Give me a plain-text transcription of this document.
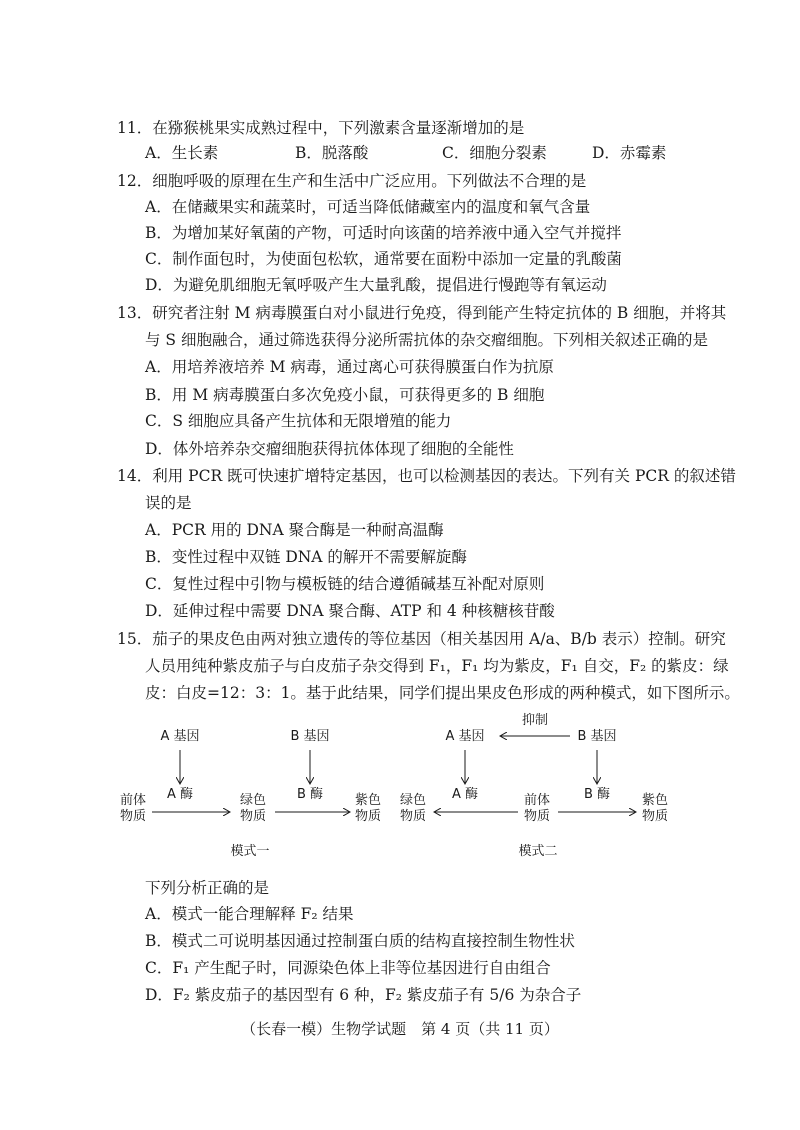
11．在猕猴桃果实成熟过程中，下列激素含量逐渐增加的是
A．生长素	B．脱落酸	C．细胞分裂素	D．赤霉素
12．细胞呼吸的原理在生产和生活中广泛应用。下列做法不合理的是
A．在储藏果实和蔬菜时，可适当降低储藏室内的温度和氧气含量
B．为增加某好氧菌的产物，可适时向该菌的培养液中通入空气并搅拌
C．制作面包时，为使面包松软，通常要在面粉中添加一定量的乳酸菌
D．为避免肌细胞无氧呼吸产生大量乳酸，提倡进行慢跑等有氧运动
13．研究者注射 M 病毒膜蛋白对小鼠进行免疫，得到能产生特定抗体的 B 细胞，并将其
与 S 细胞融合，通过筛选获得分泌所需抗体的杂交瘤细胞。下列相关叙述正确的是
A．用培养液培养 M 病毒，通过离心可获得膜蛋白作为抗原
B．用 M 病毒膜蛋白多次免疫小鼠，可获得更多的 B 细胞
C．S 细胞应具备产生抗体和无限增殖的能力
D．体外培养杂交瘤细胞获得抗体体现了细胞的全能性
14．利用 PCR 既可快速扩增特定基因，也可以检测基因的表达。下列有关 PCR 的叙述错
误的是
A．PCR 用的 DNA 聚合酶是一种耐高温酶
B．变性过程中双链 DNA 的解开不需要解旋酶
C．复性过程中引物与模板链的结合遵循碱基互补配对原则
D．延伸过程中需要 DNA 聚合酶、ATP 和 4 种核糖核苷酸
15．茄子的果皮色由两对独立遗传的等位基因（相关基因用 A/a、B/b 表示）控制。研究
人员用纯种紫皮茄子与白皮茄子杂交得到 F₁，F₁ 均为紫皮，F₁ 自交，F₂ 的紫皮：绿
皮：白皮=12：3：1。基于此结果，同学们提出果皮色形成的两种模式，如下图所示。
A 基因	B 基因
前体
物质
A 酶	绿色
物质
B 酶 紫色
物质
模式一
抑制
A 基因	B 基因
绿色
物质
A 酶	前体
物质
B 酶 紫色
物质
模式二
下列分析正确的是
A．模式一能合理解释 F₂ 结果
B．模式二可说明基因通过控制蛋白质的结构直接控制生物性状
C．F₁ 产生配子时，同源染色体上非等位基因进行自由组合
D．F₂ 紫皮茄子的基因型有 6 种，F₂ 紫皮茄子有 5/6 为杂合子
（长春一模）生物学试题　第 4 页（共 11 页）
